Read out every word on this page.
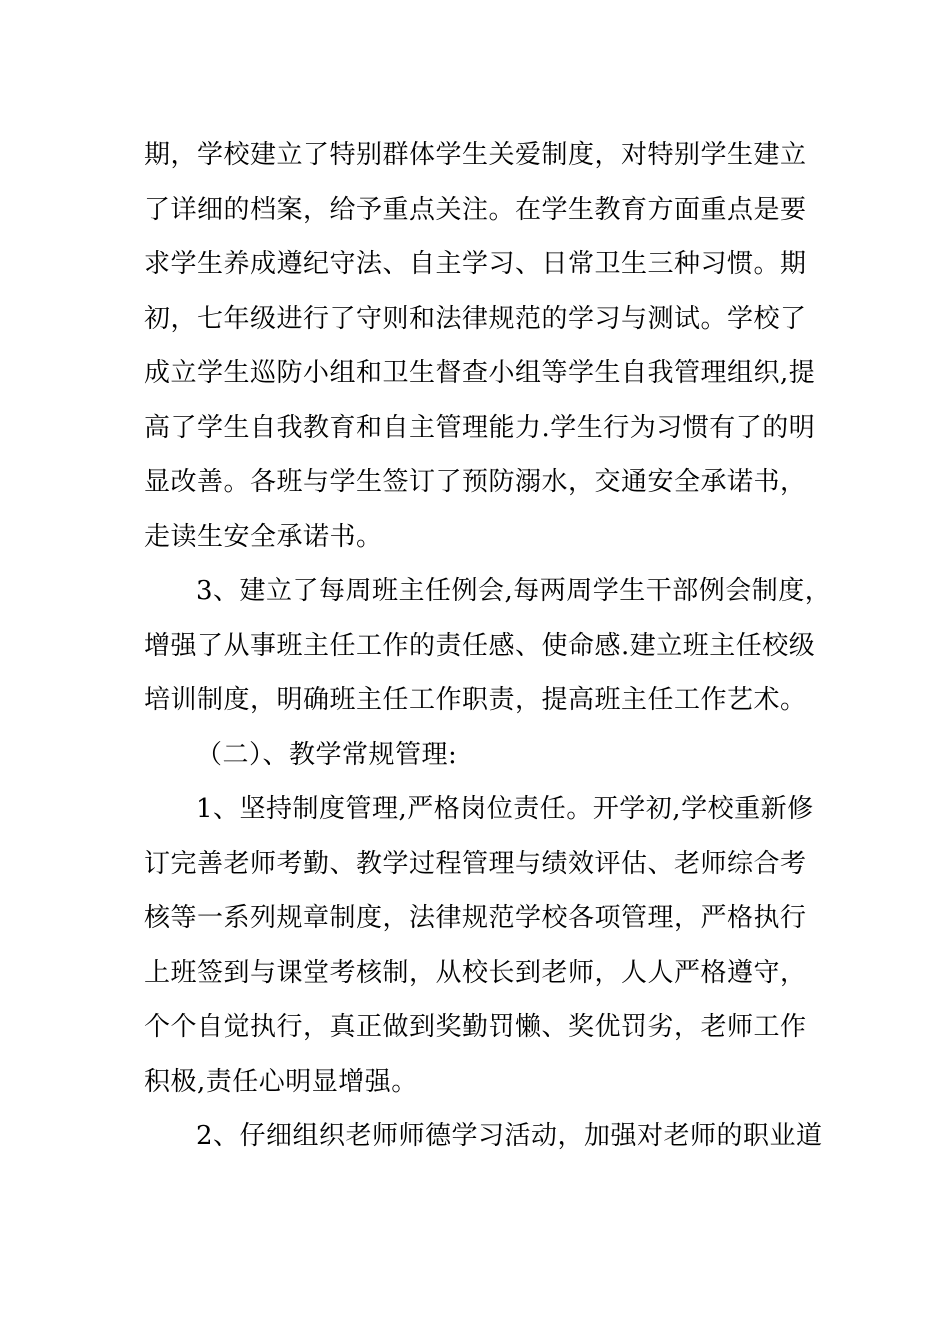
期，学校建立了特别群体学生关爱制度，对特别学生建立
了详细的档案，给予重点关注。在学生教育方面重点是要
求学生养成遵纪守法、自主学习、日常卫生三种习惯。期
初，七年级进行了守则和法律规范的学习与测试。学校了
成立学生巡防小组和卫生督查小组等学生自我管理组织,提
高了学生自我教育和自主管理能力.学生行为习惯有了的明
显改善。各班与学生签订了预防溺水，交通安全承诺书，
走读生安全承诺书。
3、建立了每周班主任例会,每两周学生干部例会制度，
增强了从事班主任工作的责任感、使命感.建立班主任校级
培训制度，明确班主任工作职责，提高班主任工作艺术。
（二）、教学常规管理:
1、坚持制度管理,严格岗位责任。开学初,学校重新修
订完善老师考勤、教学过程管理与绩效评估、老师综合考
核等一系列规章制度，法律规范学校各项管理，严格执行
上班签到与课堂考核制，从校长到老师，人人严格遵守，
个个自觉执行，真正做到奖勤罚懒、奖优罚劣，老师工作
积极,责任心明显增强。
2、仔细组织老师师德学习活动，加强对老师的职业道
